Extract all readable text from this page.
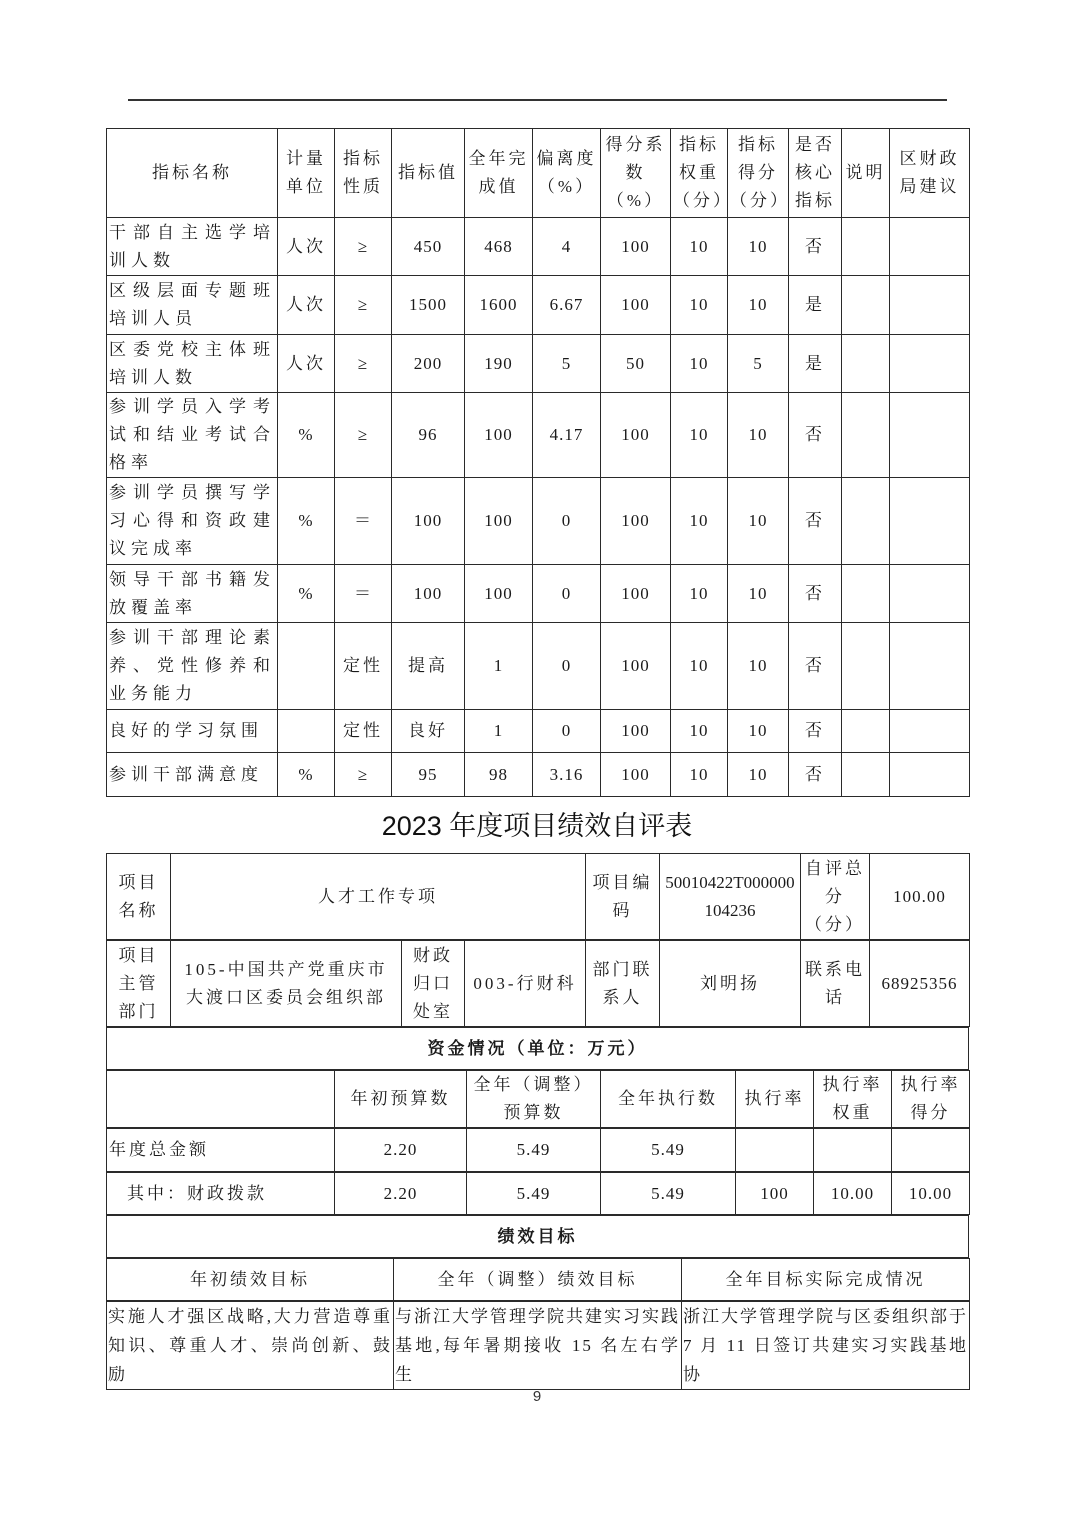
指标名称	计量单位	指标性质	指标值	全年完成值	偏离度（%）	得分系数（%）	指标权重（分）	指标得分（分）	是否核心指标	说明	区财政局建议
干部自主选学培训人数	人次	≥	450	468	4	100	10	10	否		
区级层面专题班培训人员	人次	≥	1500	1600	6.67	100	10	10	是		
区委党校主体班培训人数	人次	≥	200	190	5	50	10	5	是		
参训学员入学考试和结业考试合格率	%	≥	96	100	4.17	100	10	10	否		
参训学员撰写学习心得和资政建议完成率	%	＝	100	100	0	100	10	10	否		
领导干部书籍发放覆盖率	%	＝	100	100	0	100	10	10	否		
参训干部理论素养、党性修养和业务能力		定性	提高	1	0	100	10	10	否		
良好的学习氛围		定性	良好	1	0	100	10	10	否		
参训干部满意度	%	≥	95	98	3.16	100	10	10	否		
2023 年度项目绩效自评表
项目名称	人才工作专项	项目编码	50010422T000000104236	自评总分（分）	100.00

项目主管部门	105-中国共产党重庆市大渡口区委员会组织部	财政归口处室	003-行财科	部门联系人	刘明扬	联系电话	68925356

资金情况（单位：万元）

	年初预算数	全年（调整）预算数	全年执行数	执行率	执行率权重	执行率得分

年度总金额	2.20	5.49	5.49			

其中：财政拨款	2.20	5.49	5.49	100	10.00	10.00

绩效目标

年初绩效目标	全年（调整）绩效目标	全年目标实际完成情况

实施人才强区战略,大力营造尊重知识、尊重人才、崇尚创新、鼓励	与浙江大学管理学院共建实习实践基地,每年暑期接收 15 名左右学生	浙江大学管理学院与区委组织部于 7 月 11 日签订共建实习实践基地协
9
